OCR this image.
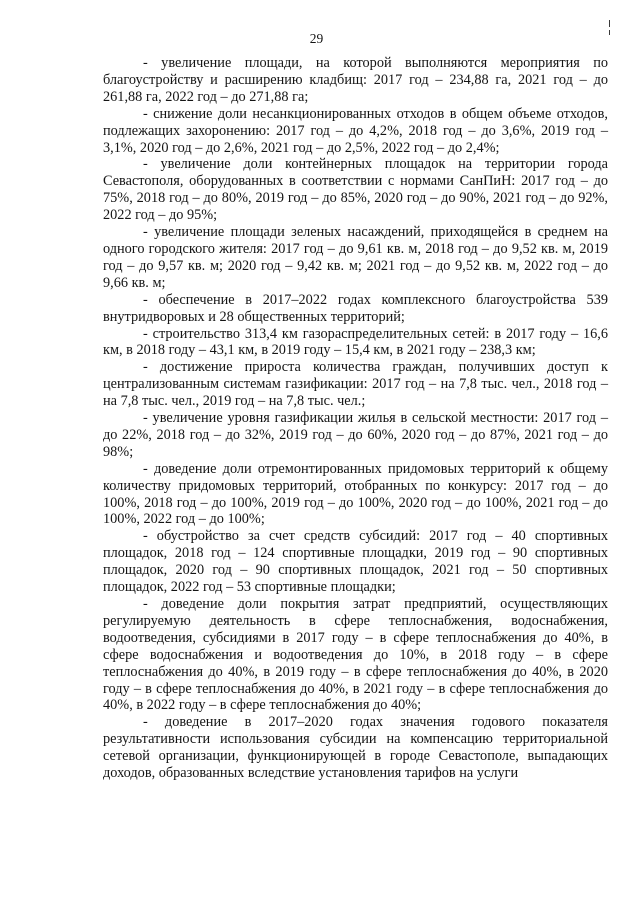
29

- увеличение площади, на которой выполняются мероприятия по благоустройству и расширению кладбищ: 2017 год – 234,88 га, 2021 год – до 261,88 га, 2022 год – до 271,88 га;

- снижение доли несанкционированных отходов в общем объеме отходов, подлежащих захоронению: 2017 год – до 4,2%, 2018 год – до 3,6%, 2019 год – 3,1%, 2020 год – до 2,6%, 2021 год – до 2,5%, 2022 год – до 2,4%;

- увеличение доли контейнерных площадок на территории города Севастополя, оборудованных в соответствии с нормами СанПиН: 2017 год – до 75%, 2018 год – до 80%, 2019 год – до 85%, 2020 год – до 90%, 2021 год – до 92%, 2022 год – до 95%;

- увеличение площади зеленых насаждений, приходящейся в среднем на одного городского жителя: 2017 год – до 9,61 кв. м, 2018 год – до 9,52 кв. м, 2019 год – до 9,57 кв. м; 2020 год – 9,42 кв. м; 2021 год – до 9,52 кв. м, 2022 год – до 9,66 кв. м;

- обеспечение в 2017–2022 годах комплексного благоустройства 539 внутридворовых и 28 общественных территорий;

- строительство 313,4 км газораспределительных сетей: в 2017 году – 16,6 км, в 2018 году – 43,1 км, в 2019 году – 15,4 км, в 2021 году – 238,3 км;

- достижение прироста количества граждан, получивших доступ к централизованным системам газификации: 2017 год – на 7,8 тыс. чел., 2018 год – на 7,8 тыс. чел., 2019 год – на 7,8 тыс. чел.;

- увеличение уровня газификации жилья в сельской местности: 2017 год – до 22%, 2018 год – до 32%, 2019 год – до 60%, 2020 год – до 87%, 2021 год – до 98%;

- доведение доли отремонтированных придомовых территорий к общему количеству придомовых территорий, отобранных по конкурсу: 2017 год – до 100%, 2018 год – до 100%, 2019 год – до 100%, 2020 год – до 100%, 2021 год – до 100%, 2022 год – до 100%;

- обустройство за счет средств субсидий: 2017 год – 40 спортивных площадок, 2018 год – 124 спортивные площадки, 2019 год – 90 спортивных площадок, 2020 год – 90 спортивных площадок, 2021 год – 50 спортивных площадок, 2022 год – 53 спортивные площадки;

- доведение доли покрытия затрат предприятий, осуществляющих регулируемую деятельность в сфере теплоснабжения, водоснабжения, водоотведения, субсидиями в 2017 году – в сфере теплоснабжения до 40%, в сфере водоснабжения и водоотведения до 10%, в 2018 году – в сфере теплоснабжения до 40%, в 2019 году – в сфере теплоснабжения до 40%, в 2020 году – в сфере теплоснабжения до 40%, в 2021 году – в сфере теплоснабжения до 40%, в 2022 году – в сфере теплоснабжения до 40%;

- доведение в 2017–2020 годах значения годового показателя результативности использования субсидии на компенсацию территориальной сетевой организации, функционирующей в городе Севастополе, выпадающих доходов, образованных вследствие установления тарифов на услуги
